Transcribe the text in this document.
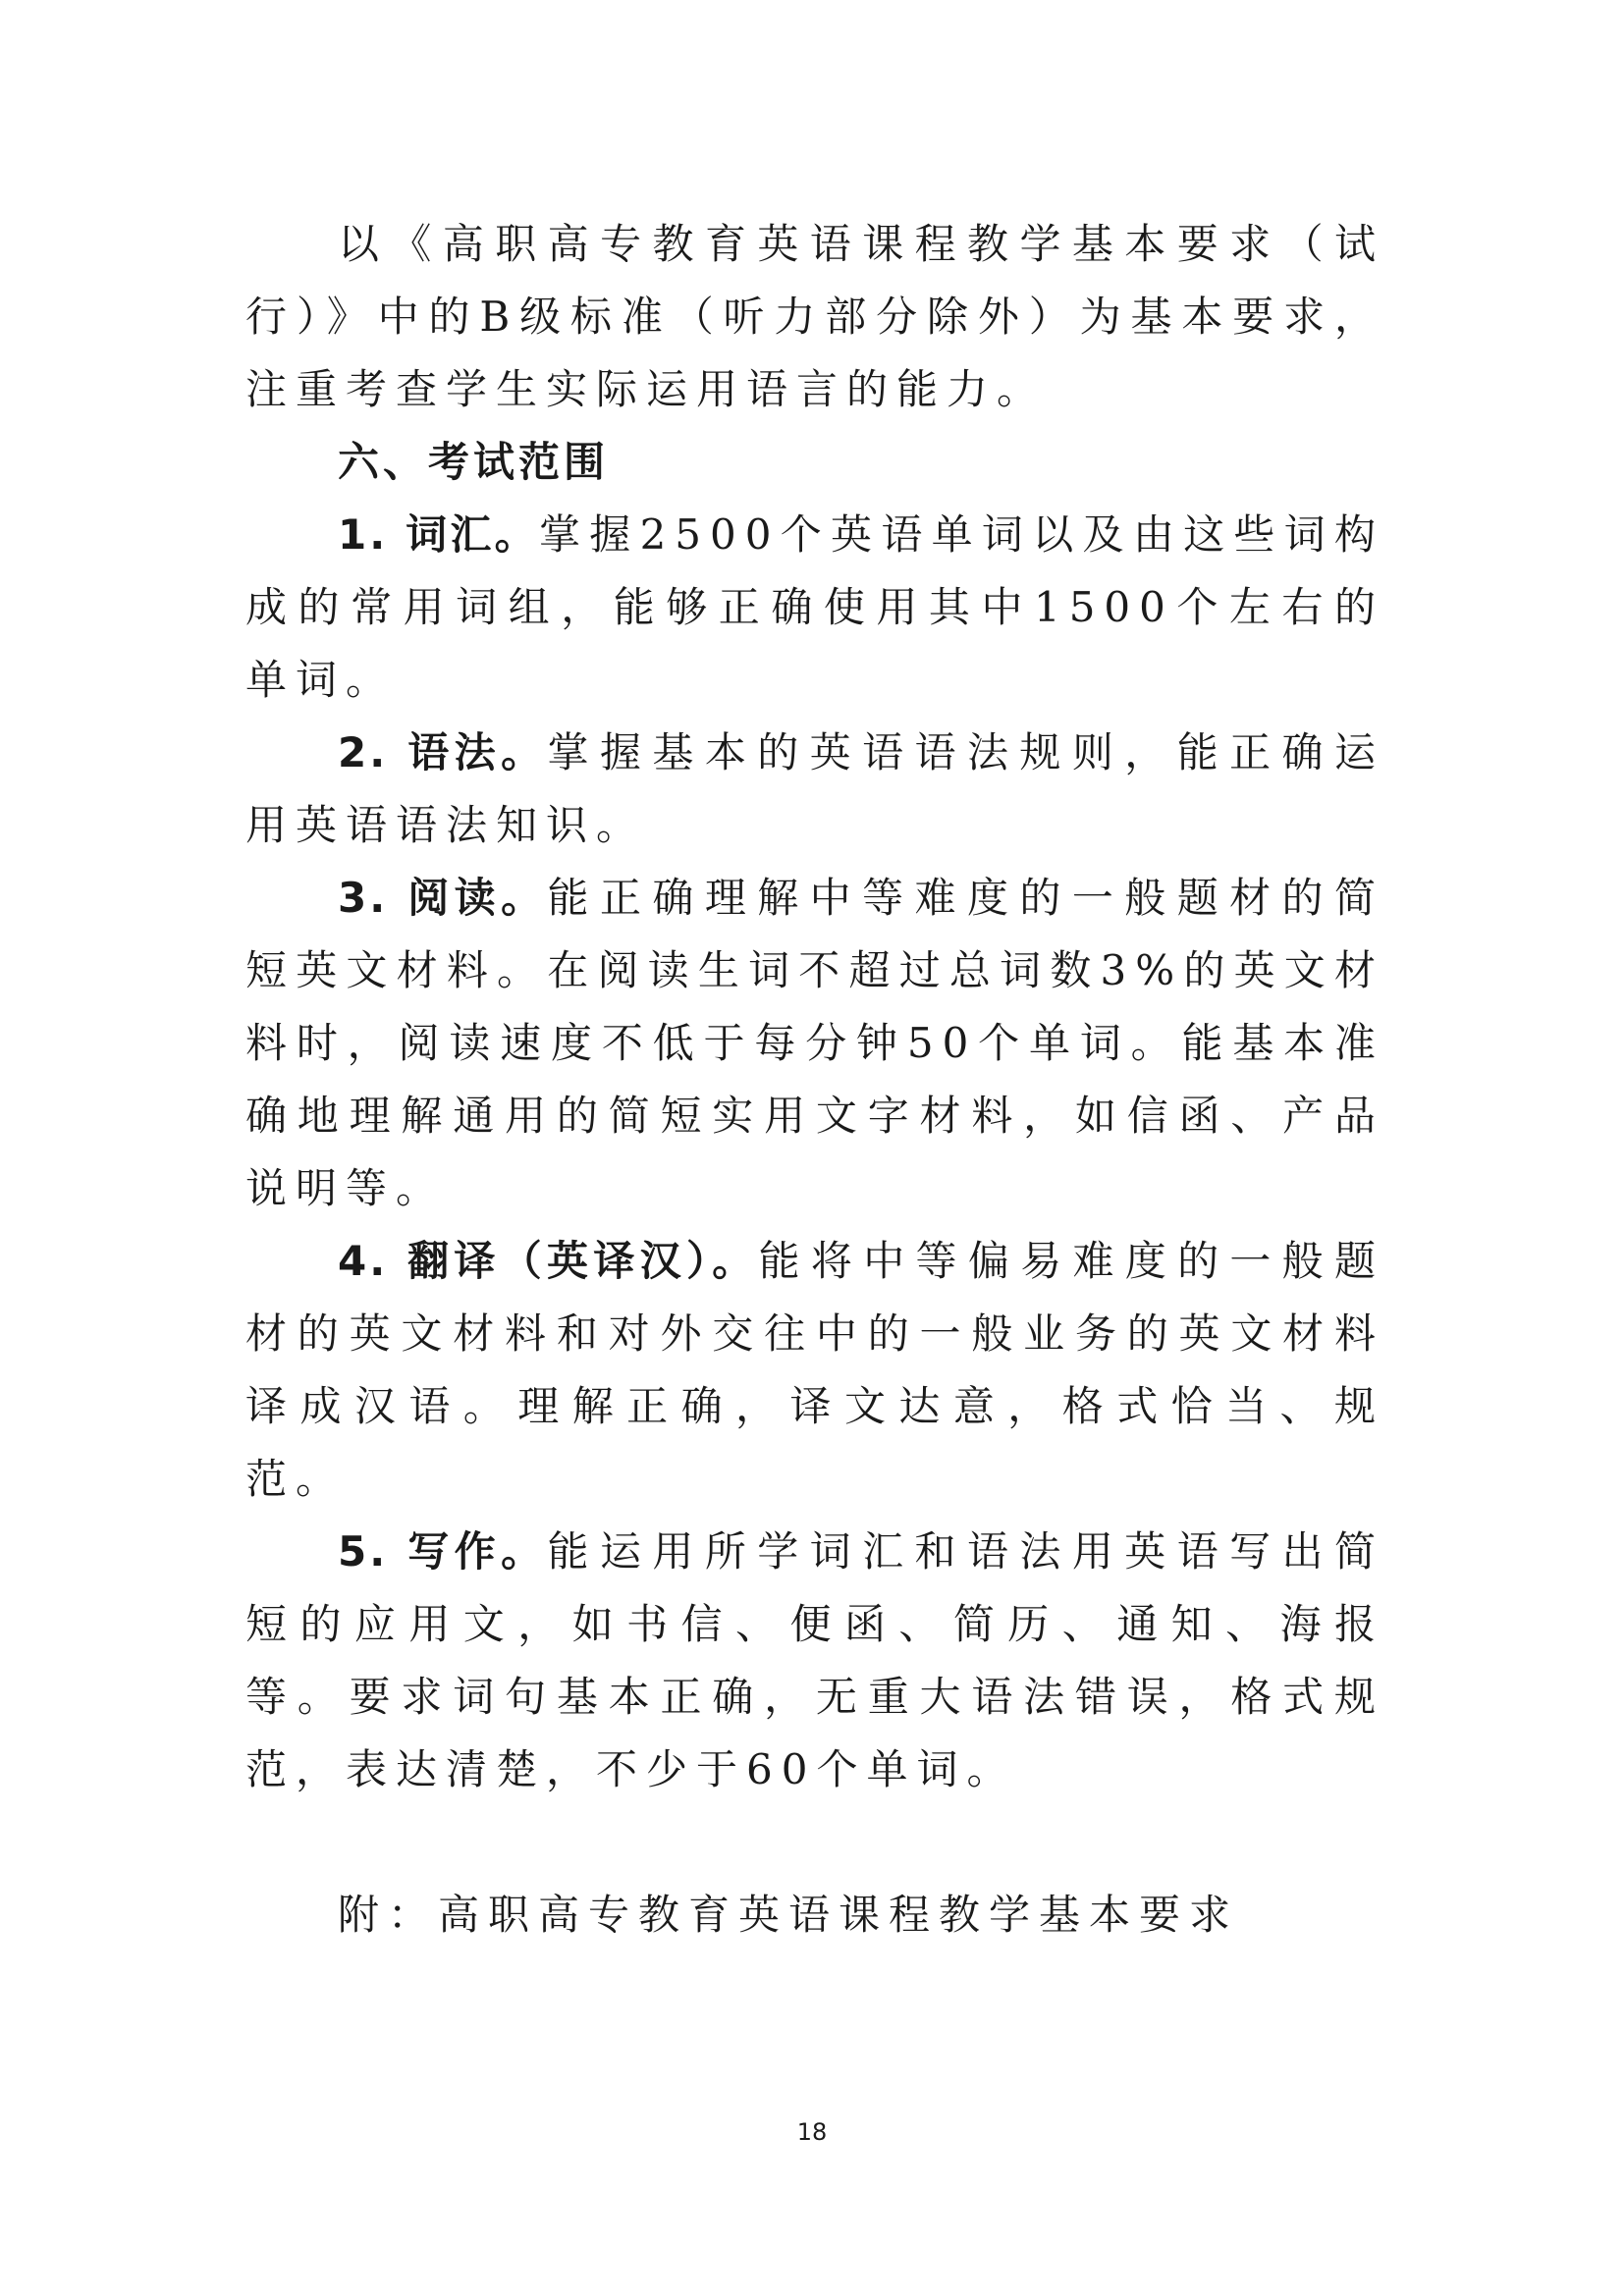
以《高职高专教育英语课程教学基本要求（试行）》中的B级标准（听力部分除外）为基本要求，注重考查学生实际运用语言的能力。

六、考试范围

1. 词汇。掌握2500个英语单词以及由这些词构成的常用词组，能够正确使用其中1500个左右的单词。

2. 语法。掌握基本的英语语法规则，能正确运用英语语法知识。

3. 阅读。能正确理解中等难度的一般题材的简短英文材料。在阅读生词不超过总词数3%的英文材料时，阅读速度不低于每分钟50个单词。能基本准确地理解通用的简短实用文字材料，如信函、产品说明等。

4. 翻译（英译汉）。能将中等偏易难度的一般题材的英文材料和对外交往中的一般业务的英文材料译成汉语。理解正确，译文达意，格式恰当、规范。

5. 写作。能运用所学词汇和语法用英语写出简短的应用文，如书信、便函、简历、通知、海报等。要求词句基本正确，无重大语法错误，格式规范，表达清楚，不少于60个单词。

附：高职高专教育英语课程教学基本要求

18
